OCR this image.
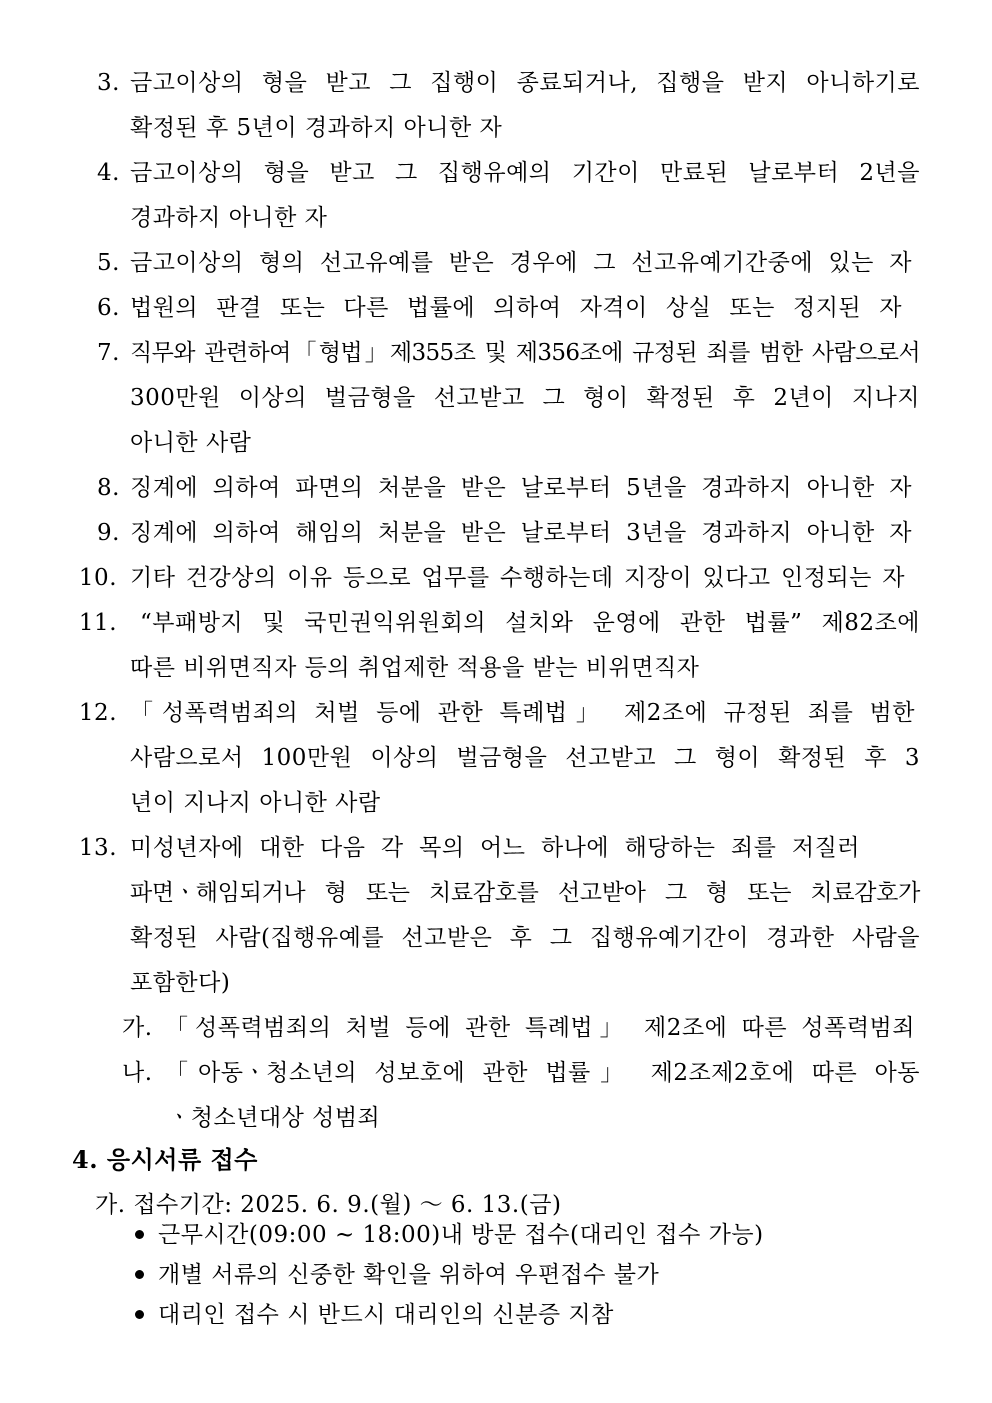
3. 금고이상의 형을 받고 그 집행이 종료되거나, 집행을 받지 아니하기로
확정된 후 5년이 경과하지 아니한 자
4. 금고이상의 형을 받고 그 집행유예의 기간이 만료된 날로부터 2년을
경과하지 아니한 자
5. 금고이상의 형의 선고유예를 받은 경우에 그 선고유예기간중에 있는 자
6. 법원의 판결 또는 다른 법률에 의하여 자격이 상실 또는 정지된 자
7. 직무와 관련하여「형법」제355조 및 제356조에 규정된 죄를 범한 사람으로서
300만원 이상의 벌금형을 선고받고 그 형이 확정된 후 2년이 지나지
아니한 사람
8. 징계에 의하여 파면의 처분을 받은 날로부터 5년을 경과하지 아니한 자
9. 징계에 의하여 해임의 처분을 받은 날로부터 3년을 경과하지 아니한 자
10. 기타 건강상의 이유 등으로 업무를 수행하는데 지장이 있다고 인정되는 자
11. “부패방지 및 국민권익위원회의 설치와 운영에 관한 법률” 제82조에
따른 비위면직자 등의 취업제한 적용을 받는 비위면직자
12. 「성폭력범죄의 처벌 등에 관한 특례법」 제2조에 규정된 죄를 범한
사람으로서 100만원 이상의 벌금형을 선고받고 그 형이 확정된 후 3
년이 지나지 아니한 사람
13. 미성년자에 대한 다음 각 목의 어느 하나에 해당하는 죄를 저질러
파면ㆍ해임되거나 형 또는 치료감호를 선고받아 그 형 또는 치료감호가
확정된 사람(집행유예를 선고받은 후 그 집행유예기간이 경과한 사람을
포함한다)
가. 「성폭력범죄의 처벌 등에 관한 특례법」 제2조에 따른 성폭력범죄
나. 「아동ㆍ청소년의 성보호에 관한 법률」 제2조제2호에 따른 아동
ㆍ청소년대상 성범죄
4. 응시서류 접수
가. 접수기간: 2025. 6. 9.(월) ～ 6. 13.(금)
근무시간(09:00 ~ 18:00)내 방문 접수(대리인 접수 가능)
개별 서류의 신중한 확인을 위하여 우편접수 불가
대리인 접수 시 반드시 대리인의 신분증 지참
